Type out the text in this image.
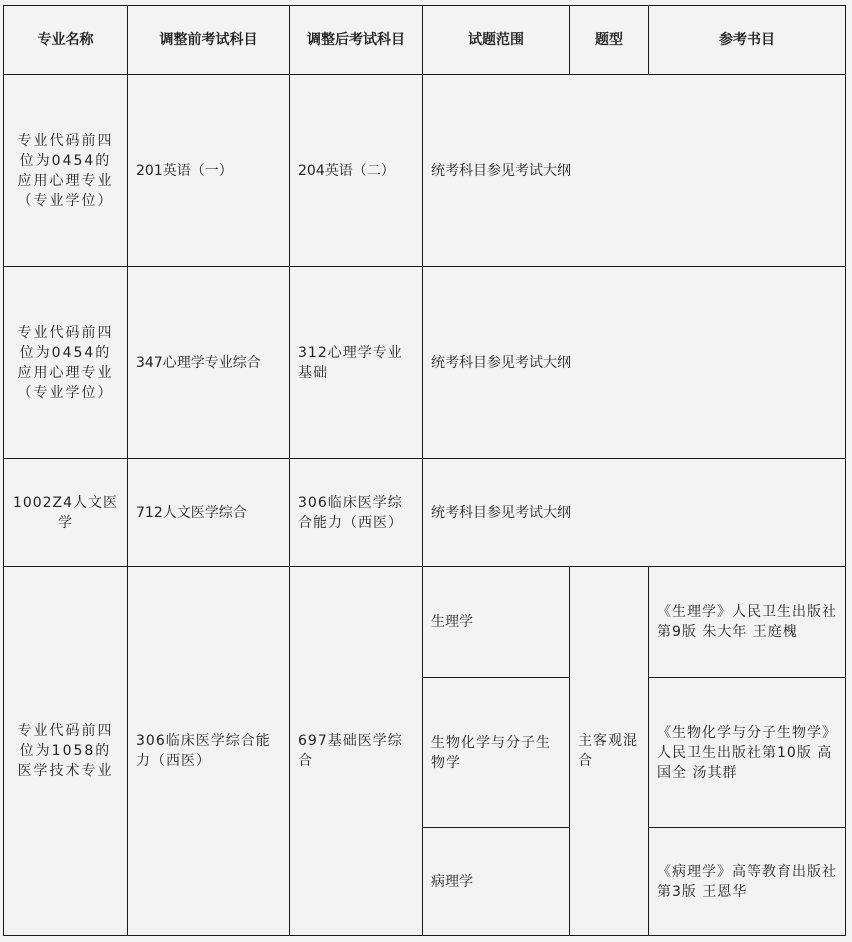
专业名称	调整前考试科目	调整后考试科目	试题范围	题型	参考书目
专业代码前四位为0454的应用心理专业（专业学位）	201英语（一）	204英语（二）	统考科目参见考试大纲		
专业代码前四位为0454的应用心理专业（专业学位）	347心理学专业综合	312心理学专业基础	统考科目参见考试大纲		
1002Z4人文医学	712人文医学综合	306临床医学综合能力（西医）	统考科目参见考试大纲		
专业代码前四位为1058的医学技术专业	306临床医学综合能力（西医）	697基础医学综合	生理学	主客观混合	《生理学》人民卫生出版社第9版 朱大年 王庭槐
			生物化学与分子生物学		《生物化学与分子生物学》人民卫生出版社第10版 高国全 汤其群
			病理学		《病理学》高等教育出版社第3版 王恩华
